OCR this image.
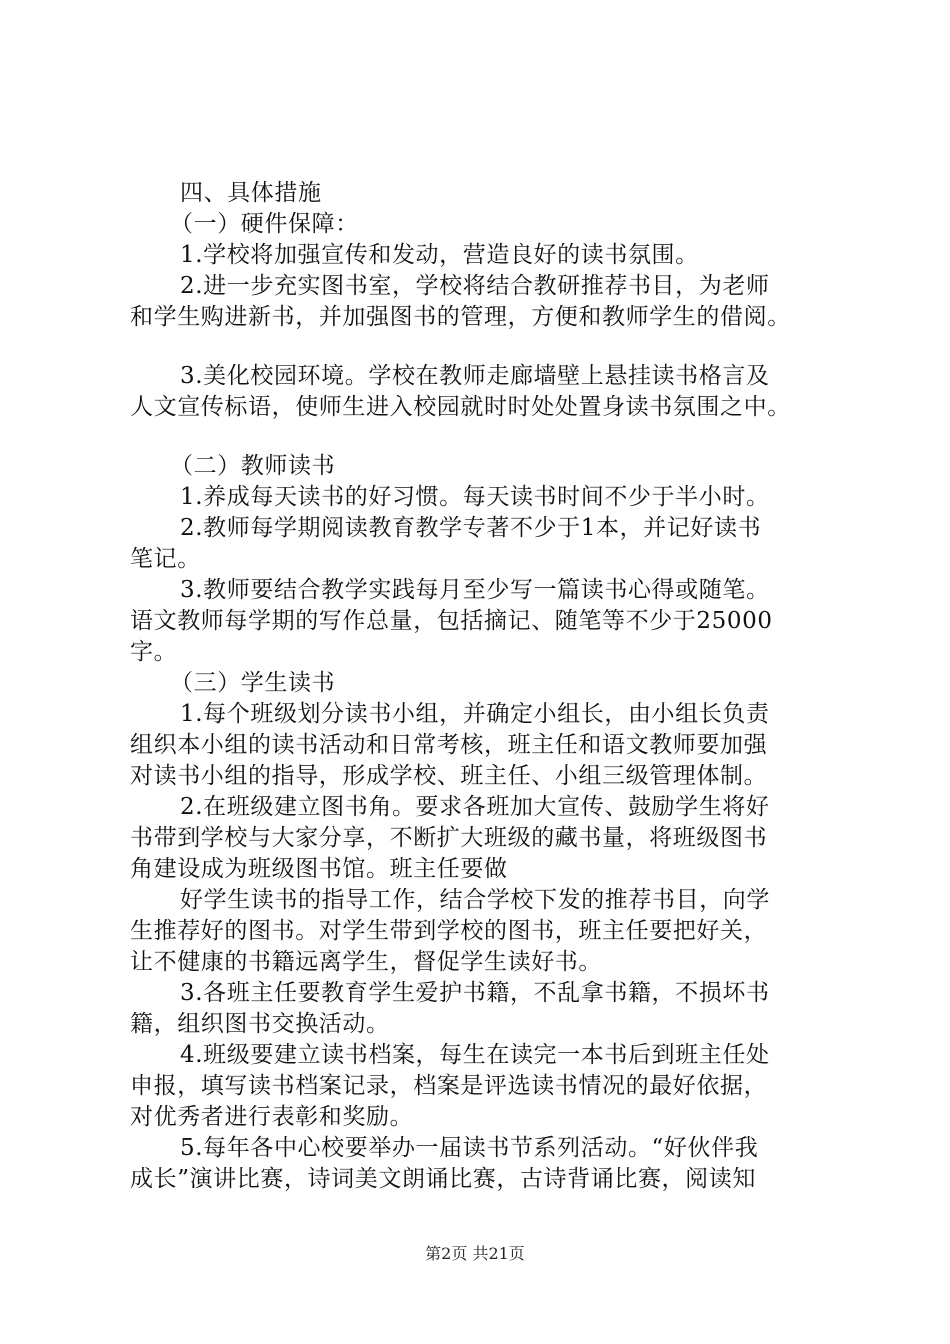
四、具体措施
（一）硬件保障：
1.学校将加强宣传和发动，营造良好的读书氛围。
2.进一步充实图书室，学校将结合教研推荐书目，为老师
和学生购进新书，并加强图书的管理，方便和教师学生的借阅。
3.美化校园环境。学校在教师走廊墙壁上悬挂读书格言及
人文宣传标语，使师生进入校园就时时处处置身读书氛围之中。
（二）教师读书
1.养成每天读书的好习惯。每天读书时间不少于半小时。
2.教师每学期阅读教育教学专著不少于1本，并记好读书
笔记。
3.教师要结合教学实践每月至少写一篇读书心得或随笔。
语文教师每学期的写作总量，包括摘记、随笔等不少于25000
字。
（三）学生读书
1.每个班级划分读书小组，并确定小组长，由小组长负责
组织本小组的读书活动和日常考核，班主任和语文教师要加强
对读书小组的指导，形成学校、班主任、小组三级管理体制。
2.在班级建立图书角。要求各班加大宣传、鼓励学生将好
书带到学校与大家分享，不断扩大班级的藏书量，将班级图书
角建设成为班级图书馆。班主任要做
好学生读书的指导工作，结合学校下发的推荐书目，向学
生推荐好的图书。对学生带到学校的图书，班主任要把好关，
让不健康的书籍远离学生，督促学生读好书。
3.各班主任要教育学生爱护书籍，不乱拿书籍，不损坏书
籍，组织图书交换活动。
4.班级要建立读书档案，每生在读完一本书后到班主任处
申报，填写读书档案记录，档案是评选读书情况的最好依据，
对优秀者进行表彰和奖励。
5.每年各中心校要举办一届读书节系列活动。“好伙伴我
成长”演讲比赛，诗词美文朗诵比赛，古诗背诵比赛，阅读知
第2页 共21页
